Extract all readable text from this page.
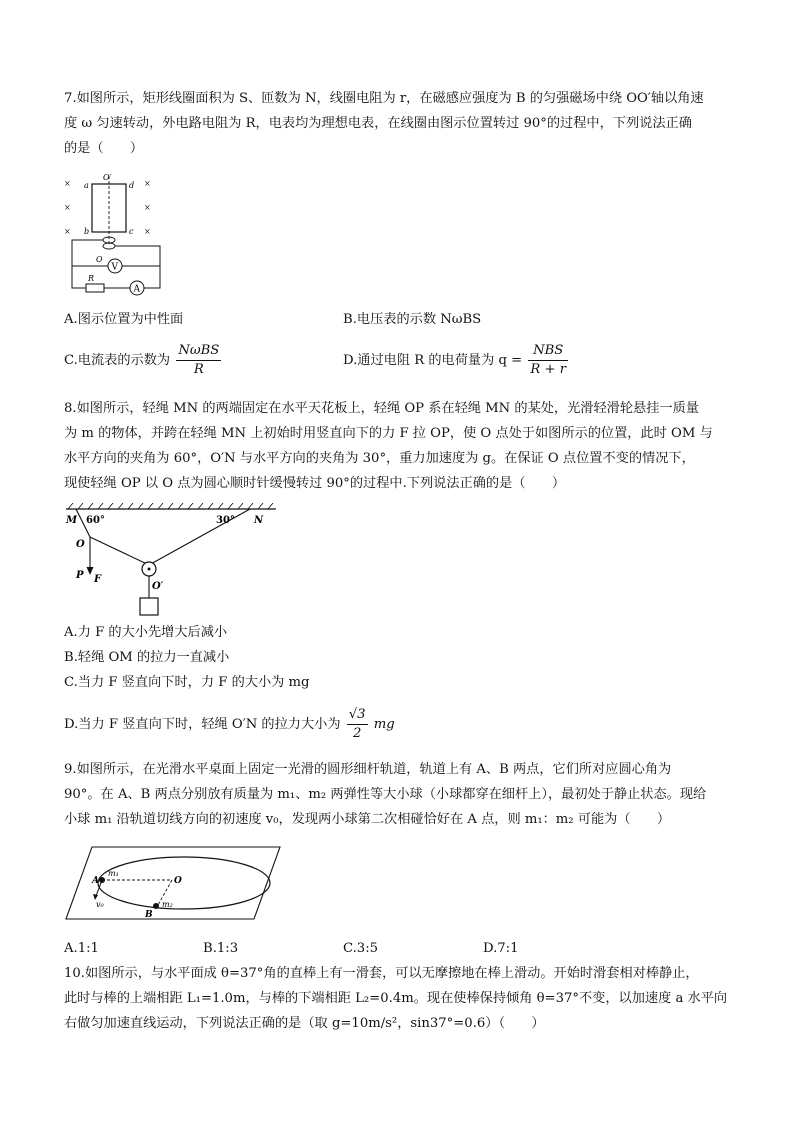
7.如图所示，矩形线圈面积为 S、匝数为 N，线圈电阻为 r，在磁感应强度为 B 的匀强磁场中绕 OO′轴以角速
度 ω 匀速转动，外电路电阻为 R，电表均为理想电表，在线圈由图示位置转过 90°的过程中，下列说法正确
的是（　　）
×
×
×
×
×
×
O′
a	d
b	c
O
V
R
A
A.图示位置为中性面	B.电压表的示数 NωBS
C.电流表的示数为 $\frac{\text{NωBS}}{R}$	D.通过电阻 R 的电荷量为 $q = \frac{\text{NBS}}{R + r}$
8.如图所示，轻绳 MN 的两端固定在水平天花板上，轻绳 OP 系在轻绳 MN 的某处，光滑轻滑轮悬挂一质量
为 m 的物体，并跨在轻绳 MN 上初始时用竖直向下的力 F 拉 OP，使 O 点处于如图所示的位置，此时 OM 与
水平方向的夹角为 60°，O′N 与水平方向的夹角为 30°，重力加速度为 g。在保证 O 点位置不变的情况下，
现使轻绳 OP 以 O 点为圆心顺时针缓慢转过 90°的过程中.下列说法正确的是（　　）
M 60°	30° N
O
P F
O′
A.力 F 的大小先增大后减小
B.轻绳 OM 的拉力一直减小
C.当力 F 竖直向下时，力 F 的大小为 mg
D.当力 F 竖直向下时，轻绳 O′N 的拉力大小为 $\frac{√3}{2}$ mg
9.如图所示，在光滑水平桌面上固定一光滑的圆形细杆轨道，轨道上有 A、B 两点，它们所对应圆心角为
90°。在 A、B 两点分别放有质量为 m₁、m₂ 两弹性等大小球（小球都穿在细杆上），最初处于静止状态。现给
小球 m₁ 沿轨道切线方向的初速度 v₀，发现两小球第二次相碰恰好在 A 点，则 m₁：m₂ 可能为（　　）
A
m₁
O
v₀
B
m₂
A.1:1	B.1:3	C.3:5	D.7:1
10.如图所示，与水平面成 θ=37°角的直棒上有一滑套，可以无摩擦地在棒上滑动。开始时滑套相对棒静止，
此时与棒的上端相距 L₁=1.0m，与棒的下端相距 L₂=0.4m。现在使棒保持倾角 θ=37°不变，以加速度 a 水平向
右做匀加速直线运动，下列说法正确的是（取 g=10m/s²，sin37°=0.6）（　　）
